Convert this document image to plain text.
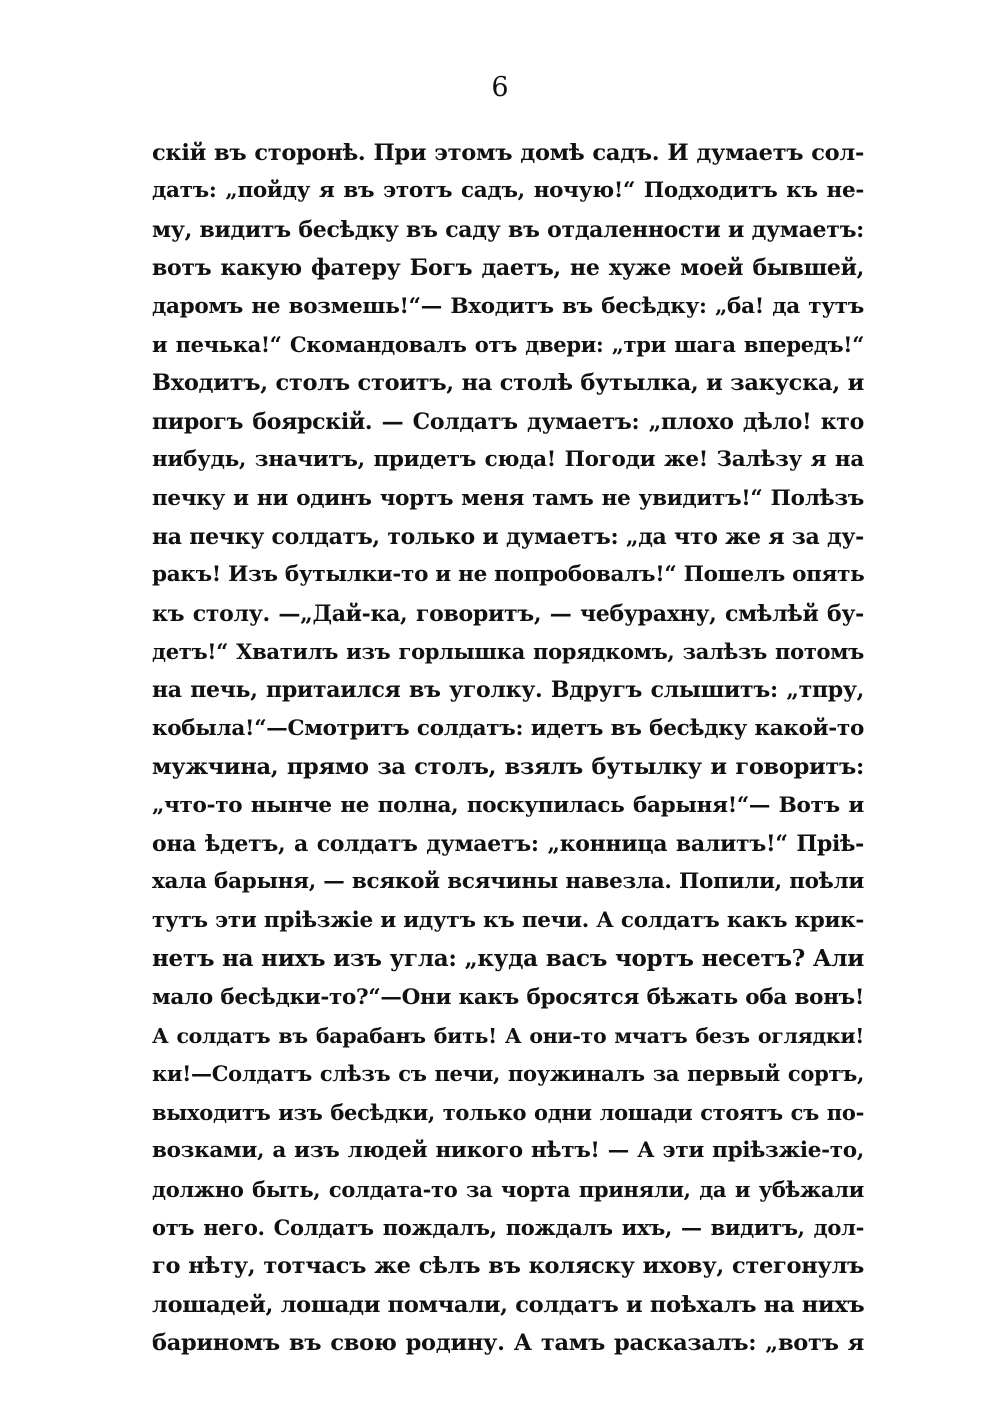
6
скій въ сторонѣ. При этомъ домѣ садъ. И думаетъ сол-
датъ: „пойду я въ этотъ садъ, ночую!“ Подходитъ къ не-
му, видитъ бесѣдку въ саду въ отдаленности и думаетъ:
вотъ какую фатеру Богъ даетъ, не хуже моей бывшей,
даромъ не возмешь!“— Входитъ въ бесѣдку: „ба! да тутъ
и печька!“ Скомандовалъ отъ двери: „три шага впередъ!“
Входитъ, столъ стоитъ, на столѣ бутылка, и закуска, и
пирогъ боярскій. — Солдатъ думаетъ: „плохо дѣло! кто
нибудь, значитъ, придетъ сюда! Погоди же! Залѣзу я на
печку и ни одинъ чортъ меня тамъ не увидитъ!“ Полѣзъ
на печку солдатъ, только и думаетъ: „да что же я за ду-
ракъ! Изъ бутылки-то и не попробовалъ!“ Пошелъ опять
къ столу. —„Дай-ка, говоритъ, — чебураxну, смѣлѣй бу-
детъ!“ Хватилъ изъ горлышка порядкомъ, залѣзъ потомъ
на печь, притаился въ уголку. Вдругъ слышитъ: „тпру,
кобыла!“—Смотритъ солдатъ: идетъ въ бесѣдку какой-то
мужчина, прямо за столъ, взялъ бутылку и говоритъ:
„что-то нынче не полна, поскупилась барыня!“— Вотъ и
она ѣдетъ, а солдатъ думаетъ: „конница валитъ!“ Пріѣ-
хала барыня, — всякой всячины навезла. Попили, поѣли
тутъ эти пріѣзжіе и идутъ къ печи. А солдатъ какъ крик-
нетъ на нихъ изъ угла: „куда васъ чортъ несетъ? Али
мало бесѣдки-то?“—Они какъ бросятся бѣжать оба вонъ!
А солдатъ въ барабанъ бить! А они-то мчатъ безъ оглядки!
ки!—Солдатъ слѣзъ съ печи, поужиналъ за первый сортъ,
выходитъ изъ бесѣдки, только одни лошади стоятъ съ по-
возками, а изъ людей никого нѣтъ! — А эти пріѣзжіе-то,
должно быть, солдата-то за чорта приняли, да и убѣжали
отъ него. Солдатъ пождалъ, пождалъ ихъ, — видитъ, дол-
го нѣту, тотчасъ же сѣлъ въ коляску ихову, стегонулъ
лошадей, лошади помчали, солдатъ и поѣхалъ на нихъ
бариномъ въ свою родину. А тамъ расказалъ: „вотъ я
